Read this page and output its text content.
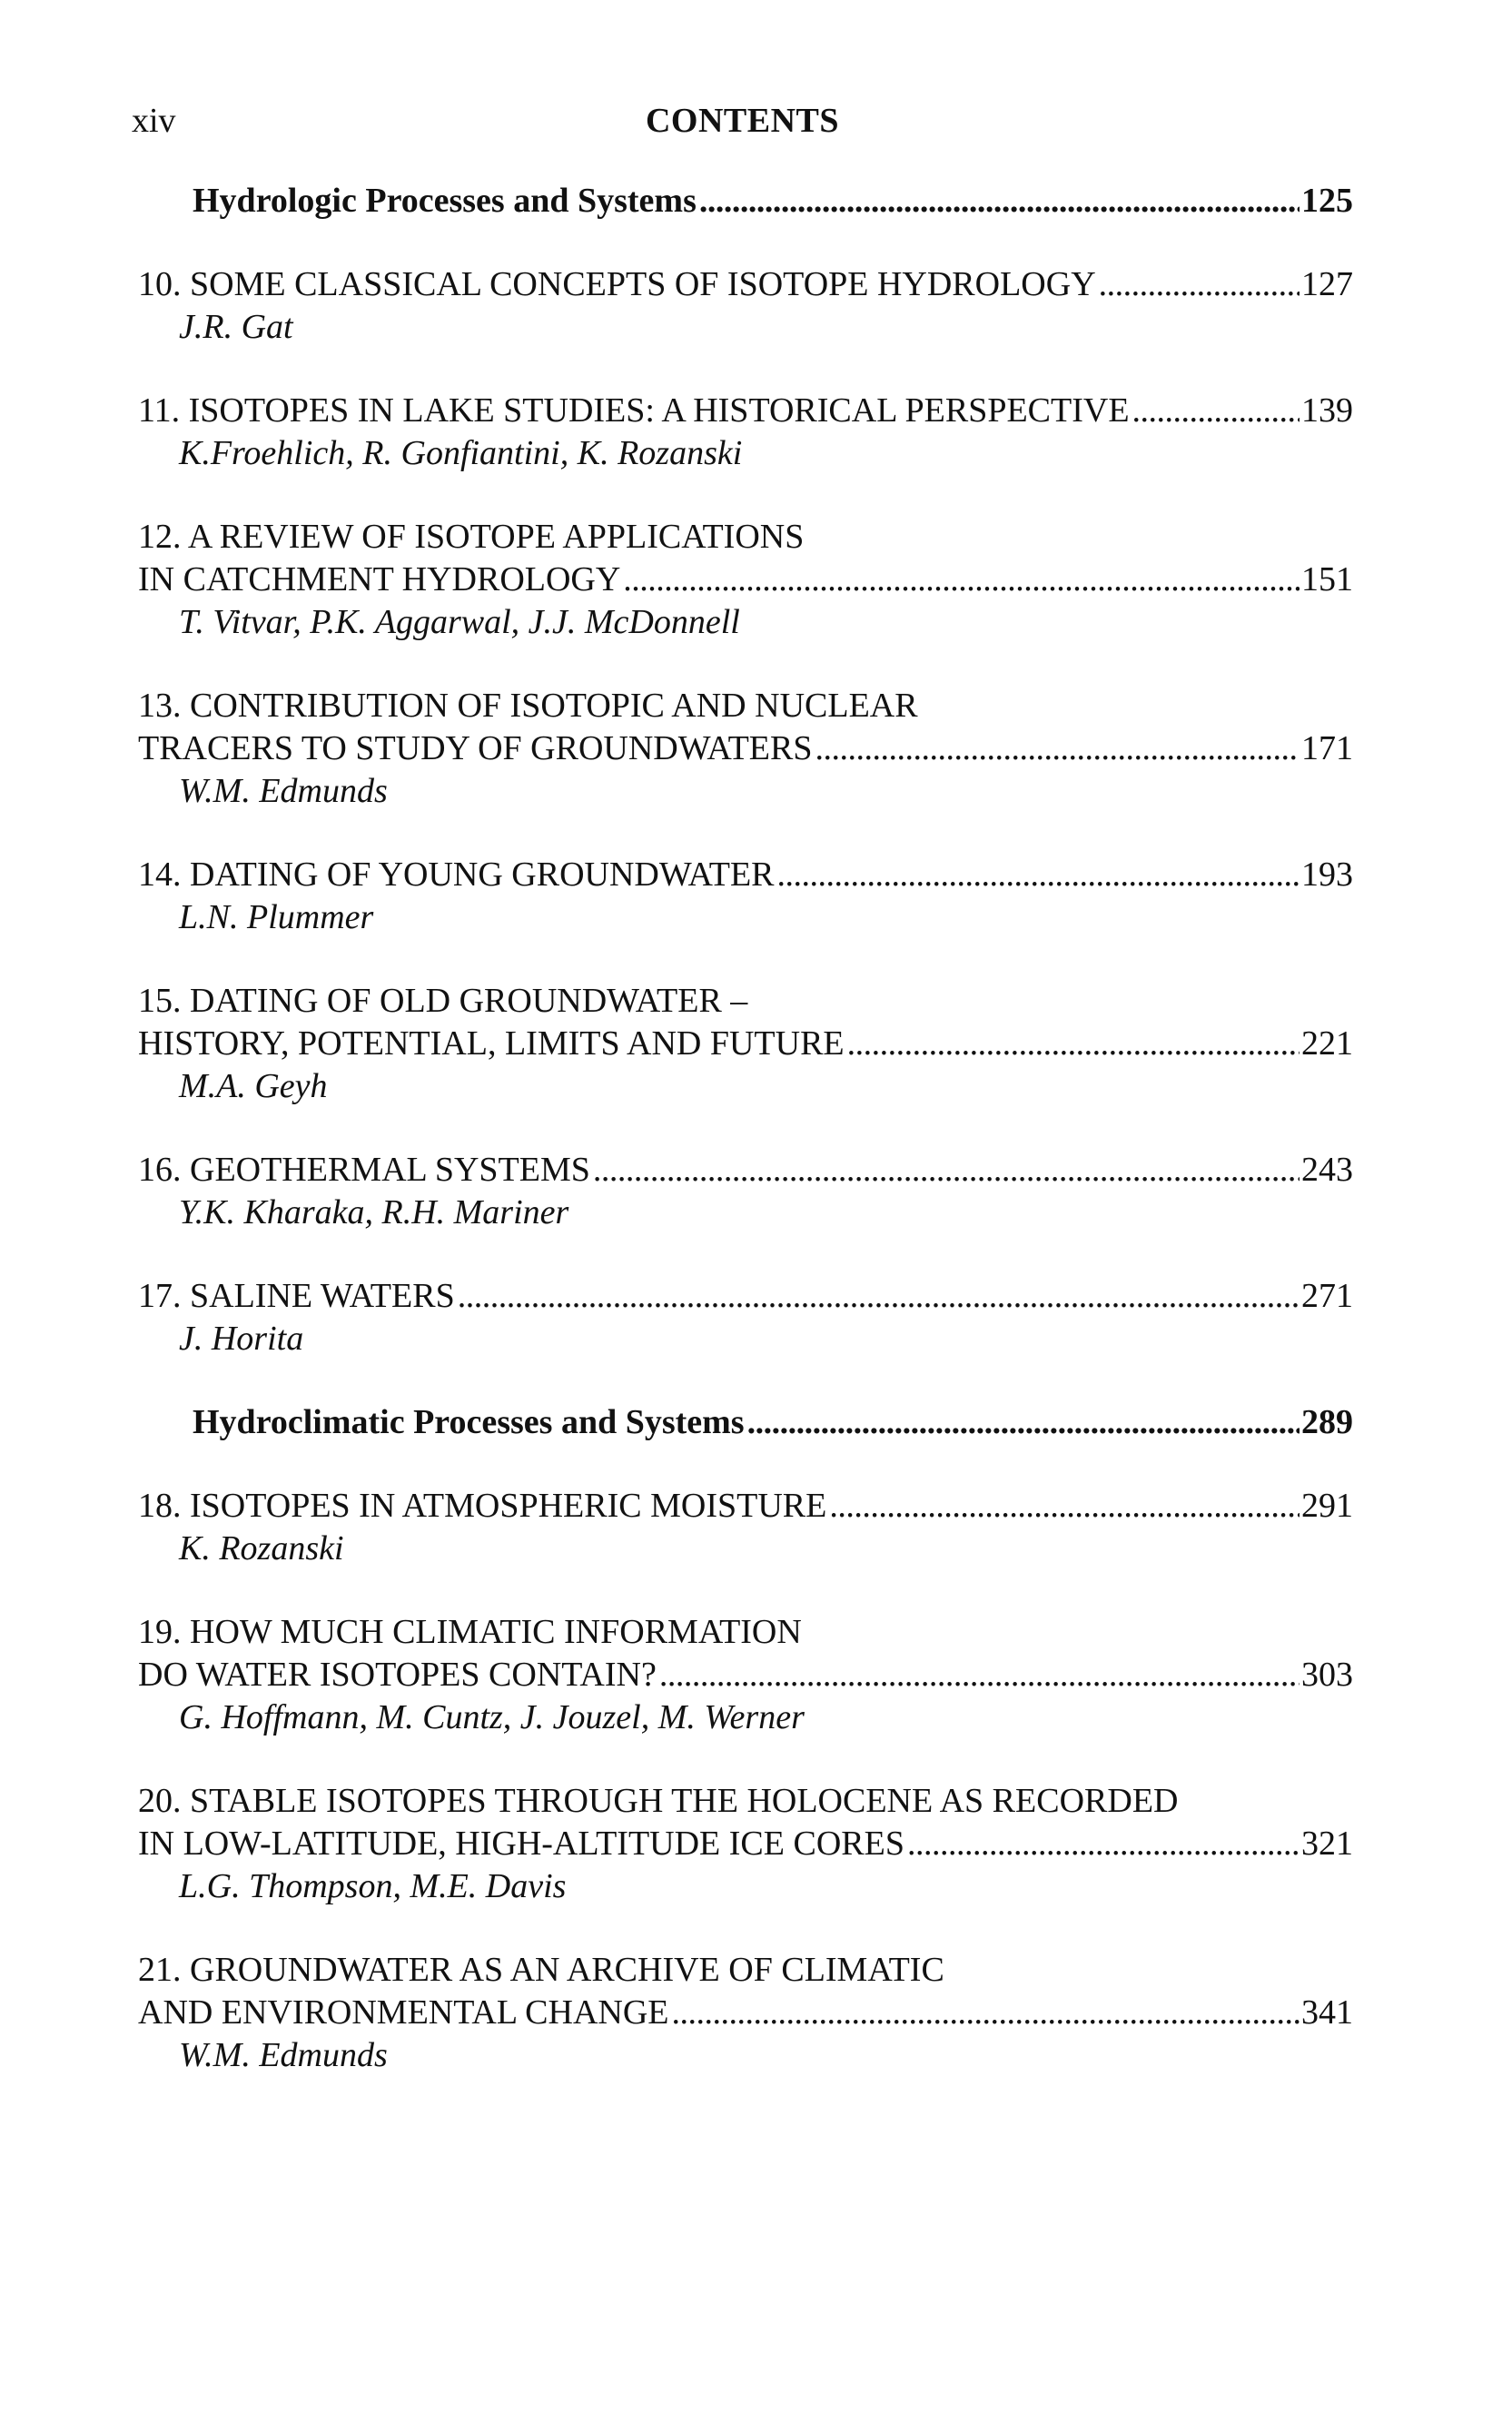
xiv	CONTENTS
Hydrologic Processes and Systems . . .	125
10. SOME CLASSICAL CONCEPTS OF ISOTOPE HYDROLOGY . . .	127
J.R. Gat
11. ISOTOPES IN LAKE STUDIES: A HISTORICAL PERSPECTIVE . . .	139
K.Froehlich, R. Gonfiantini, K. Rozanski
12. A REVIEW OF ISOTOPE APPLICATIONS
IN CATCHMENT HYDROLOGY . . .	151
T. Vitvar, P.K. Aggarwal, J.J. McDonnell
13. CONTRIBUTION OF ISOTOPIC AND NUCLEAR
TRACERS TO STUDY OF GROUNDWATERS . . .	171
W.M. Edmunds
14. DATING OF YOUNG GROUNDWATER . . .	193
L.N. Plummer
15. DATING OF OLD GROUNDWATER –
HISTORY, POTENTIAL, LIMITS AND FUTURE . . .	221
M.A. Geyh
16. GEOTHERMAL SYSTEMS . . .	243
Y.K. Kharaka, R.H. Mariner
17. SALINE WATERS . . .	271
J. Horita
Hydroclimatic Processes and Systems . . .	289
18. ISOTOPES IN ATMOSPHERIC MOISTURE . . .	291
K. Rozanski
19. HOW MUCH CLIMATIC INFORMATION
DO WATER ISOTOPES CONTAIN? . . .	303
G. Hoffmann, M. Cuntz, J. Jouzel, M. Werner
20. STABLE ISOTOPES THROUGH THE HOLOCENE AS RECORDED
IN LOW-LATITUDE, HIGH-ALTITUDE ICE CORES . . .	321
L.G. Thompson, M.E. Davis
21. GROUNDWATER AS AN ARCHIVE OF CLIMATIC
AND ENVIRONMENTAL CHANGE . . .	341
W.M. Edmunds
